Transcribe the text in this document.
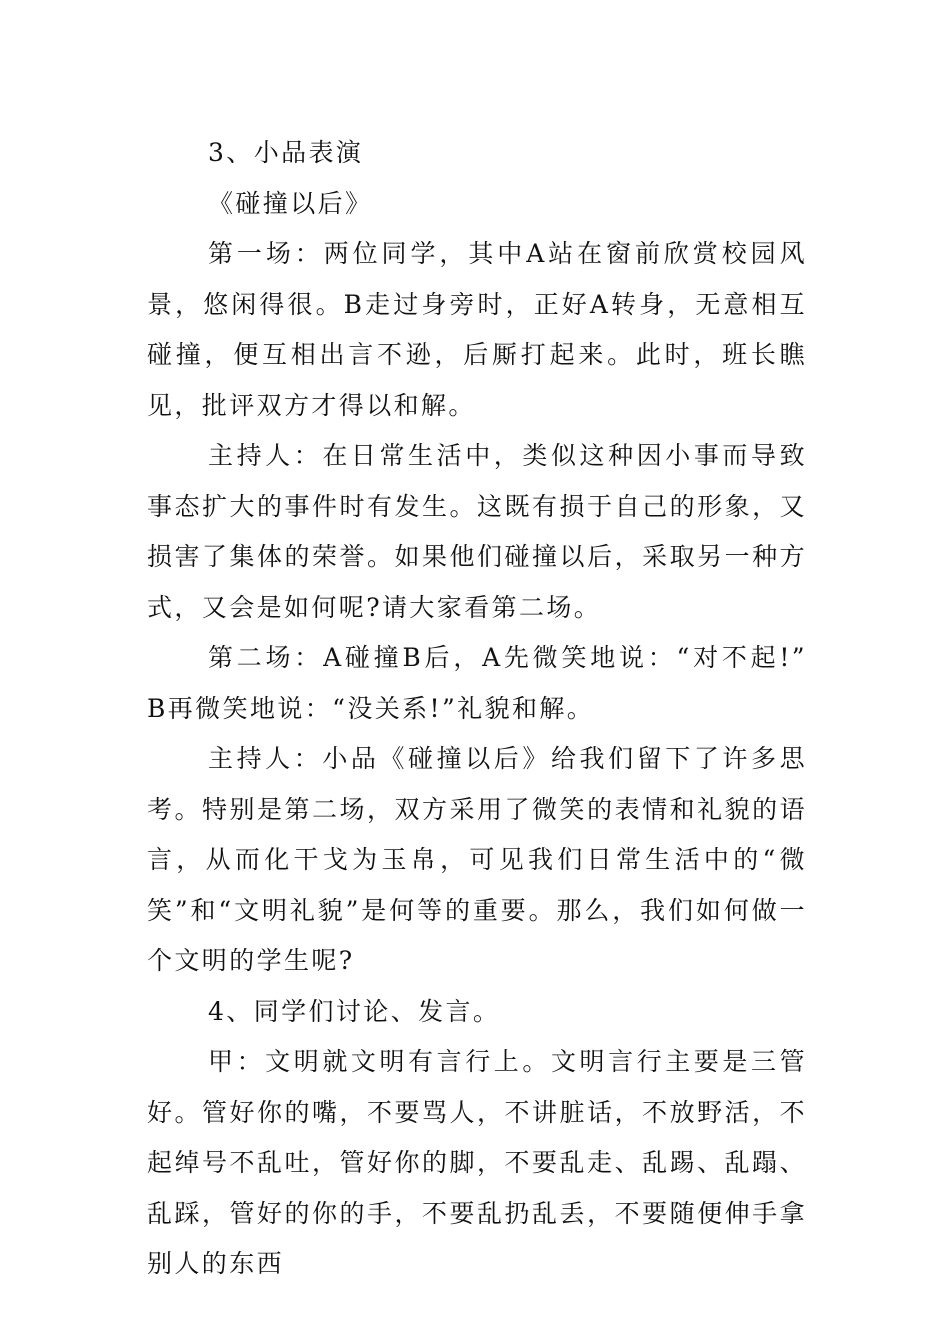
3、小品表演

《碰撞以后》

第一场：两位同学，其中A站在窗前欣赏校园风景，悠闲得很。B走过身旁时，正好A转身，无意相互碰撞，便互相出言不逊，后厮打起来。此时，班长瞧见，批评双方才得以和解。

主持人：在日常生活中，类似这种因小事而导致事态扩大的事件时有发生。这既有损于自己的形象，又损害了集体的荣誉。如果他们碰撞以后，采取另一种方式，又会是如何呢?请大家看第二场。

第二场：A碰撞B后，A先微笑地说：“对不起!” B再微笑地说：“没关系!”礼貌和解。

主持人：小品《碰撞以后》给我们留下了许多思考。特别是第二场，双方采用了微笑的表情和礼貌的语言，从而化干戈为玉帛，可见我们日常生活中的“微笑”和“文明礼貌”是何等的重要。那么，我们如何做一个文明的学生呢?

4、同学们讨论、发言。

甲：文明就文明有言行上。文明言行主要是三管好。管好你的嘴，不要骂人，不讲脏话，不放野活，不起绰号不乱吐，管好你的脚，不要乱走、乱踢、乱蹋、乱踩，管好的你的手，不要乱扔乱丢，不要随便伸手拿别人的东西
